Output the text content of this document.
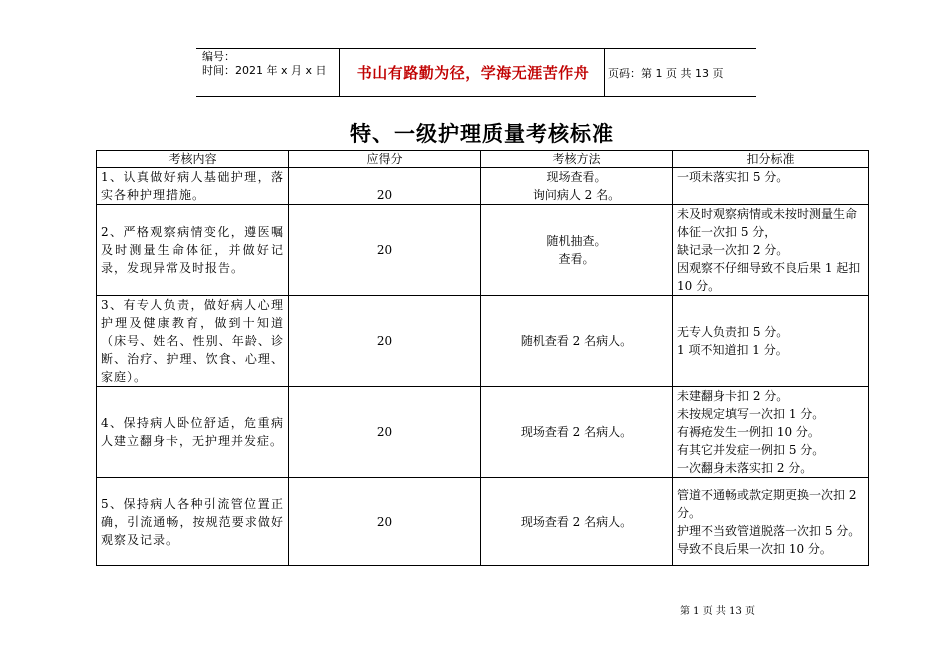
编号：
时间：2021 年 x 月 x 日	书山有路勤为径，学海无涯苦作舟	页码：第 1 页 共 13 页
特、一级护理质量考核标准
考核内容	应得分	考核方法	扣分标准
1、认真做好病人基础护理，落实各种护理措施。	20	现场查看。
询问病人 2 名。	一项未落实扣 5 分。

2、严格观察病情变化，遵医嘱及时测量生命体征，并做好记录，发现异常及时报告。	20	随机抽查。
查看。	未及时观察病情或未按时测量生命体征一次扣 5 分，
缺记录一次扣 2 分。
因观察不仔细导致不良后果 1 起扣 10 分。

3、有专人负责，做好病人心理护理及健康教育，做到十知道（床号、姓名、性别、年龄、诊断、治疗、护理、饮食、心理、家庭）。	20	随机查看 2 名病人。	无专人负责扣 5 分。
1 项不知道扣 1 分。

4、保持病人卧位舒适，危重病人建立翻身卡，无护理并发症。	20	现场查看 2 名病人。	未建翻身卡扣 2 分。
未按规定填写一次扣 1 分。
有褥疮发生一例扣 10 分。
有其它并发症一例扣 5 分。
一次翻身未落实扣 2 分。

5、保持病人各种引流管位置正确，引流通畅，按规范要求做好观察及记录。	20	现场查看 2 名病人。	管道不通畅或款定期更换一次扣 2 分。
护理不当致管道脱落一次扣 5 分。
导致不良后果一次扣 10 分。
第 1 页 共 13 页
